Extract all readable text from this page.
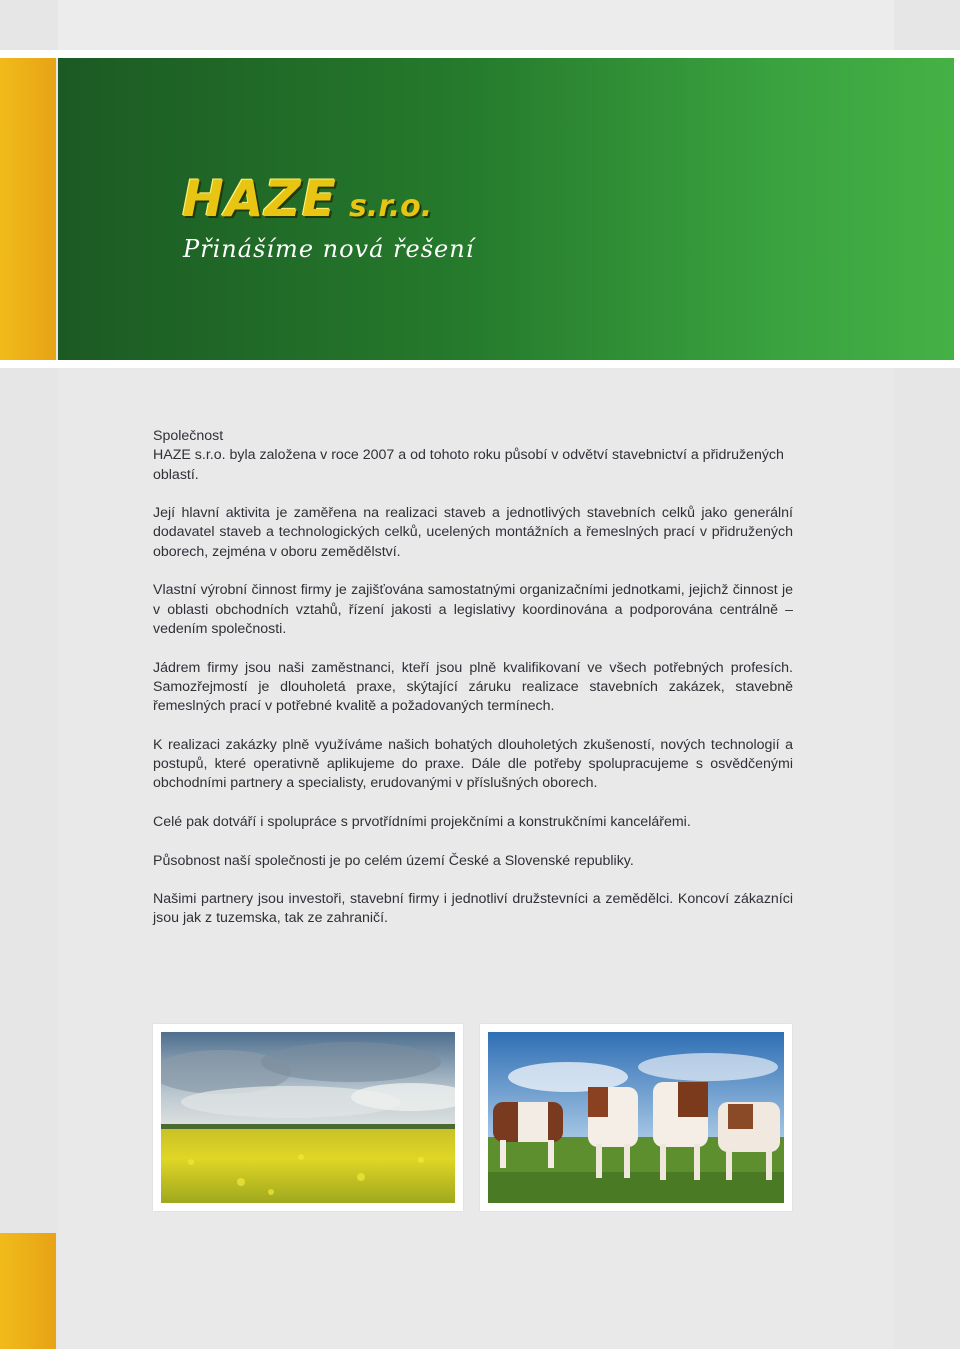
HAZE s.r.o.
Přinášíme nová řešení

Společnost
HAZE s.r.o. byla založena v roce 2007 a od tohoto roku působí v odvětví stavebnictví a přidružených oblastí.

Její hlavní aktivita je zaměřena na realizaci staveb a jednotlivých stavebních celků jako generální dodavatel staveb a technologických celků, ucelených montážních a řemeslných prací v přidružených oborech, zejména v oboru zemědělství.

Vlastní výrobní činnost firmy je zajišťována samostatnými organizačními jednotkami, jejichž činnost je v oblasti obchodních vztahů, řízení jakosti a legislativy koordinována a podporována centrálně – vedením společnosti.

Jádrem firmy jsou naši zaměstnanci, kteří jsou plně kvalifikovaní ve všech potřebných profesích. Samozřejmostí je dlouholetá praxe, skýtající záruku realizace stavebních zakázek, stavebně řemeslných prací v potřebné kvalitě a požadovaných termínech.

K realizaci zakázky plně využíváme našich bohatých dlouholetých zkušeností, nových technologií a postupů, které operativně aplikujeme do praxe. Dále dle potřeby spolupracujeme s osvědčenými obchodními partnery a specialisty, erudovanými v příslušných oborech.

Celé pak dotváří i spolupráce s prvotřídními projekčními a konstrukčními kancelářemi.

Působnost naší společnosti je po celém území České a Slovenské republiky.

Našimi partnery jsou investoři, stavební firmy i jednotliví družstevníci a zemědělci. Koncoví zákazníci jsou jak z tuzemska, tak ze zahraničí.
